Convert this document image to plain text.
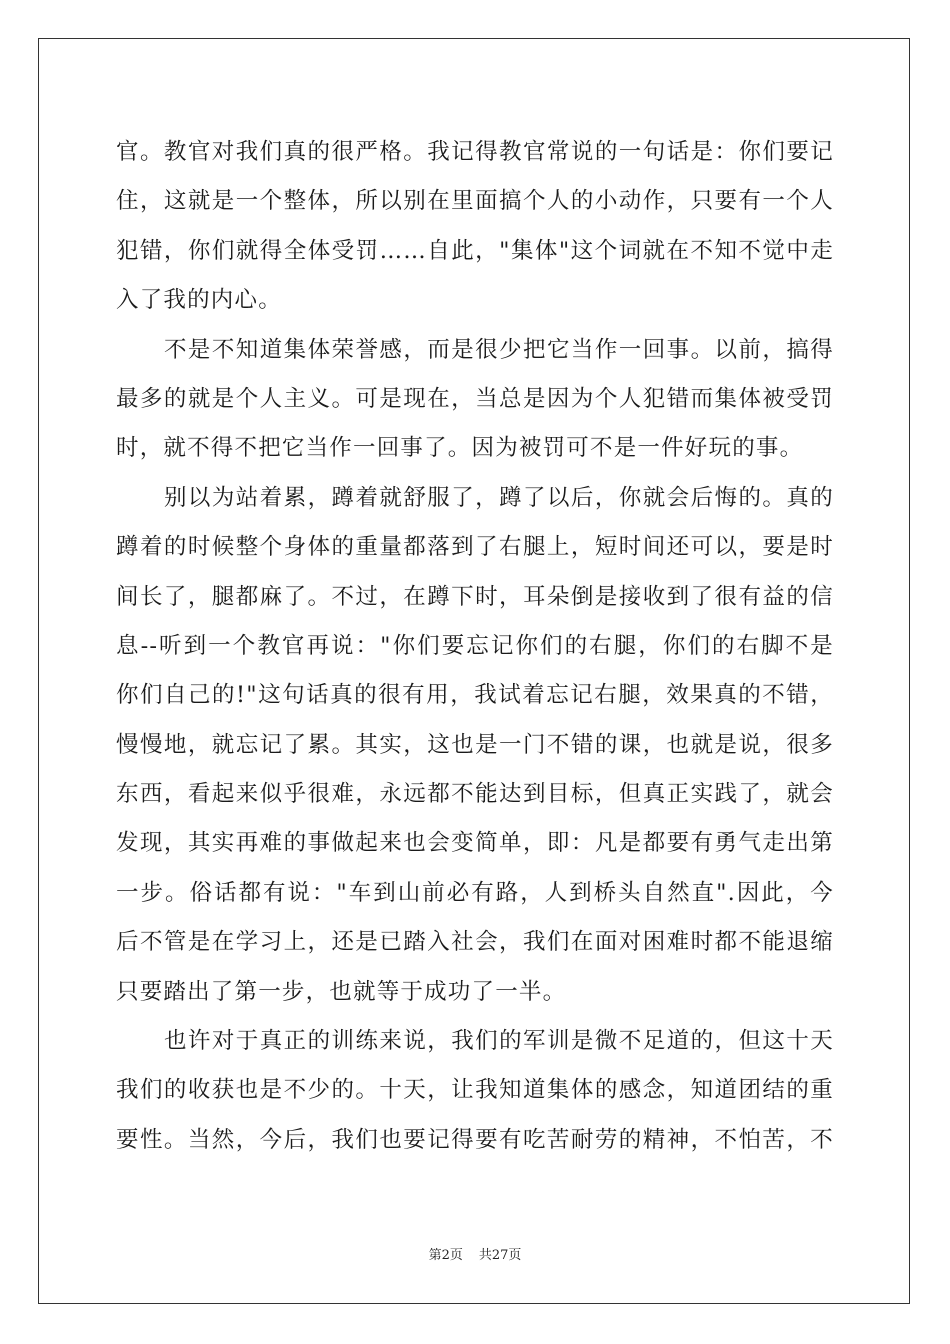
官。教官对我们真的很严格。我记得教官常说的一句话是：你们要记
住，这就是一个整体，所以别在里面搞个人的小动作，只要有一个人
犯错，你们就得全体受罚……自此，"集体"这个词就在不知不觉中走
入了我的内心。
不是不知道集体荣誉感，而是很少把它当作一回事。以前，搞得
最多的就是个人主义。可是现在，当总是因为个人犯错而集体被受罚
时，就不得不把它当作一回事了。因为被罚可不是一件好玩的事。
别以为站着累，蹲着就舒服了，蹲了以后，你就会后悔的。真的
蹲着的时候整个身体的重量都落到了右腿上，短时间还可以，要是时
间长了，腿都麻了。不过，在蹲下时，耳朵倒是接收到了很有益的信
息--听到一个教官再说："你们要忘记你们的右腿，你们的右脚不是
你们自己的!"这句话真的很有用，我试着忘记右腿，效果真的不错，
慢慢地，就忘记了累。其实，这也是一门不错的课，也就是说，很多
东西，看起来似乎很难，永远都不能达到目标，但真正实践了，就会
发现，其实再难的事做起来也会变简单，即：凡是都要有勇气走出第
一步。俗话都有说："车到山前必有路，人到桥头自然直".因此，今
后不管是在学习上，还是已踏入社会，我们在面对困难时都不能退缩
只要踏出了第一步，也就等于成功了一半。
也许对于真正的训练来说，我们的军训是微不足道的，但这十天
我们的收获也是不少的。十天，让我知道集体的感念，知道团结的重
要性。当然，今后，我们也要记得要有吃苦耐劳的精神，不怕苦，不
第2页 共27页
